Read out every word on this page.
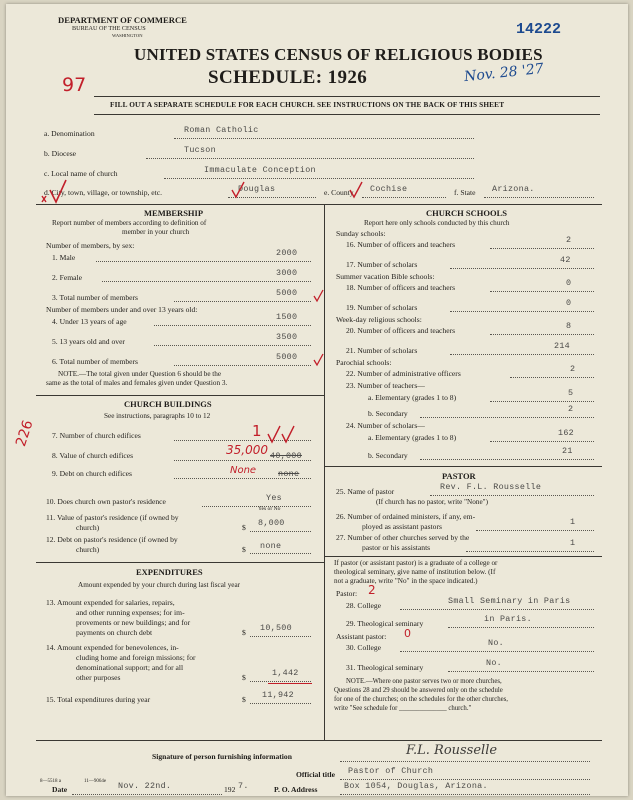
DEPARTMENT OF COMMERCE
BUREAU OF THE CENSUS
WASHINGTON
UNITED STATES CENSUS OF RELIGIOUS BODIES
SCHEDULE: 1926
14222
Nov. 28 '27
97
FILL OUT A SEPARATE SCHEDULE FOR EACH CHURCH. SEE INSTRUCTIONS ON THE BACK OF THIS SHEET
a. Denomination	Roman Catholic
b. Diocese	Tucson
c. Local name of church	Immaculate Conception
d. City, town, village, or township, etc.	Douglas	e. County Cochise	f. State Arizona.
MEMBERSHIP
Report number of members according to definition of
member in your church
Number of members, by sex:
1. Male	2000
2. Female	3000
3. Total number of members	5000
Number of members under and over 13 years old:
4. Under 13 years of age	1500
5. 13 years old and over	3500
6. Total number of members	5000
NOTE.—The total given under Question 6 should be the
same as the total of males and females given under Question 3.
CHURCH BUILDINGS
See instructions, paragraphs 10 to 12
7. Number of church edifices	1
8. Value of church edifices	35,000 40,000
9. Debt on church edifices	None	none
10. Does church own pastor's residence	Yes
Yes or No
11. Value of pastor's residence (if owned by
church)	$ 8,000
12. Debt on pastor's residence (if owned by
church)	$ none
226
EXPENDITURES
Amount expended by your church during last fiscal year
13. Amount expended for salaries, repairs,
and other running expenses; for im-
provements or new buildings; and for
payments on church debt	$ 10,500
14. Amount expended for benevolences, in-
cluding home and foreign missions; for
denominational support; and for all
other purposes	$	1,442
15. Total expenditures during year	$ 11,942
CHURCH SCHOOLS
Report here only schools conducted by this church
Sunday schools:
16. Number of officers and teachers	2
17. Number of scholars	42
Summer vacation Bible schools:
18. Number of officers and teachers	0
19. Number of scholars	0
Week-day religious schools:
20. Number of officers and teachers	8
21. Number of scholars	214
Parochial schools:
22. Number of administrative officers	2
23. Number of teachers—
a. Elementary (grades 1 to 8)	5
b. Secondary	2
24. Number of scholars—
a. Elementary (grades 1 to 8)	162
b. Secondary	21
PASTOR
25. Name of pastor	Rev. F.L. Rousselle
(If church has no pastor, write "None")
26. Number of ordained ministers, if any, em-
ployed as assistant pastors	1
27. Number of other churches served by the
pastor or his assistants	1
If pastor (or assistant pastor) is a graduate of a college or
theological seminary, give name of institution below. (If
not a graduate, write "No" in the space indicated.)
Pastor: 2
28. College	Small Seminary in Paris
29. Theological seminary	in Paris.
Assistant pastor: 0
30. College	No.
31. Theological seminary	No.
NOTE.—Where one pastor serves two or more churches,
Questions 28 and 29 should be answered only on the schedule
for one of the churches; on the schedules for the other churches,
write "See schedule for ______________ church."
Signature of person furnishing information	F.L. Rousselle
Official title Pastor of Church
Date	Nov. 22nd.	192 7.	P. O. Address	Box 1054, Douglas, Arizona.
8—5518 a	11—9064e
